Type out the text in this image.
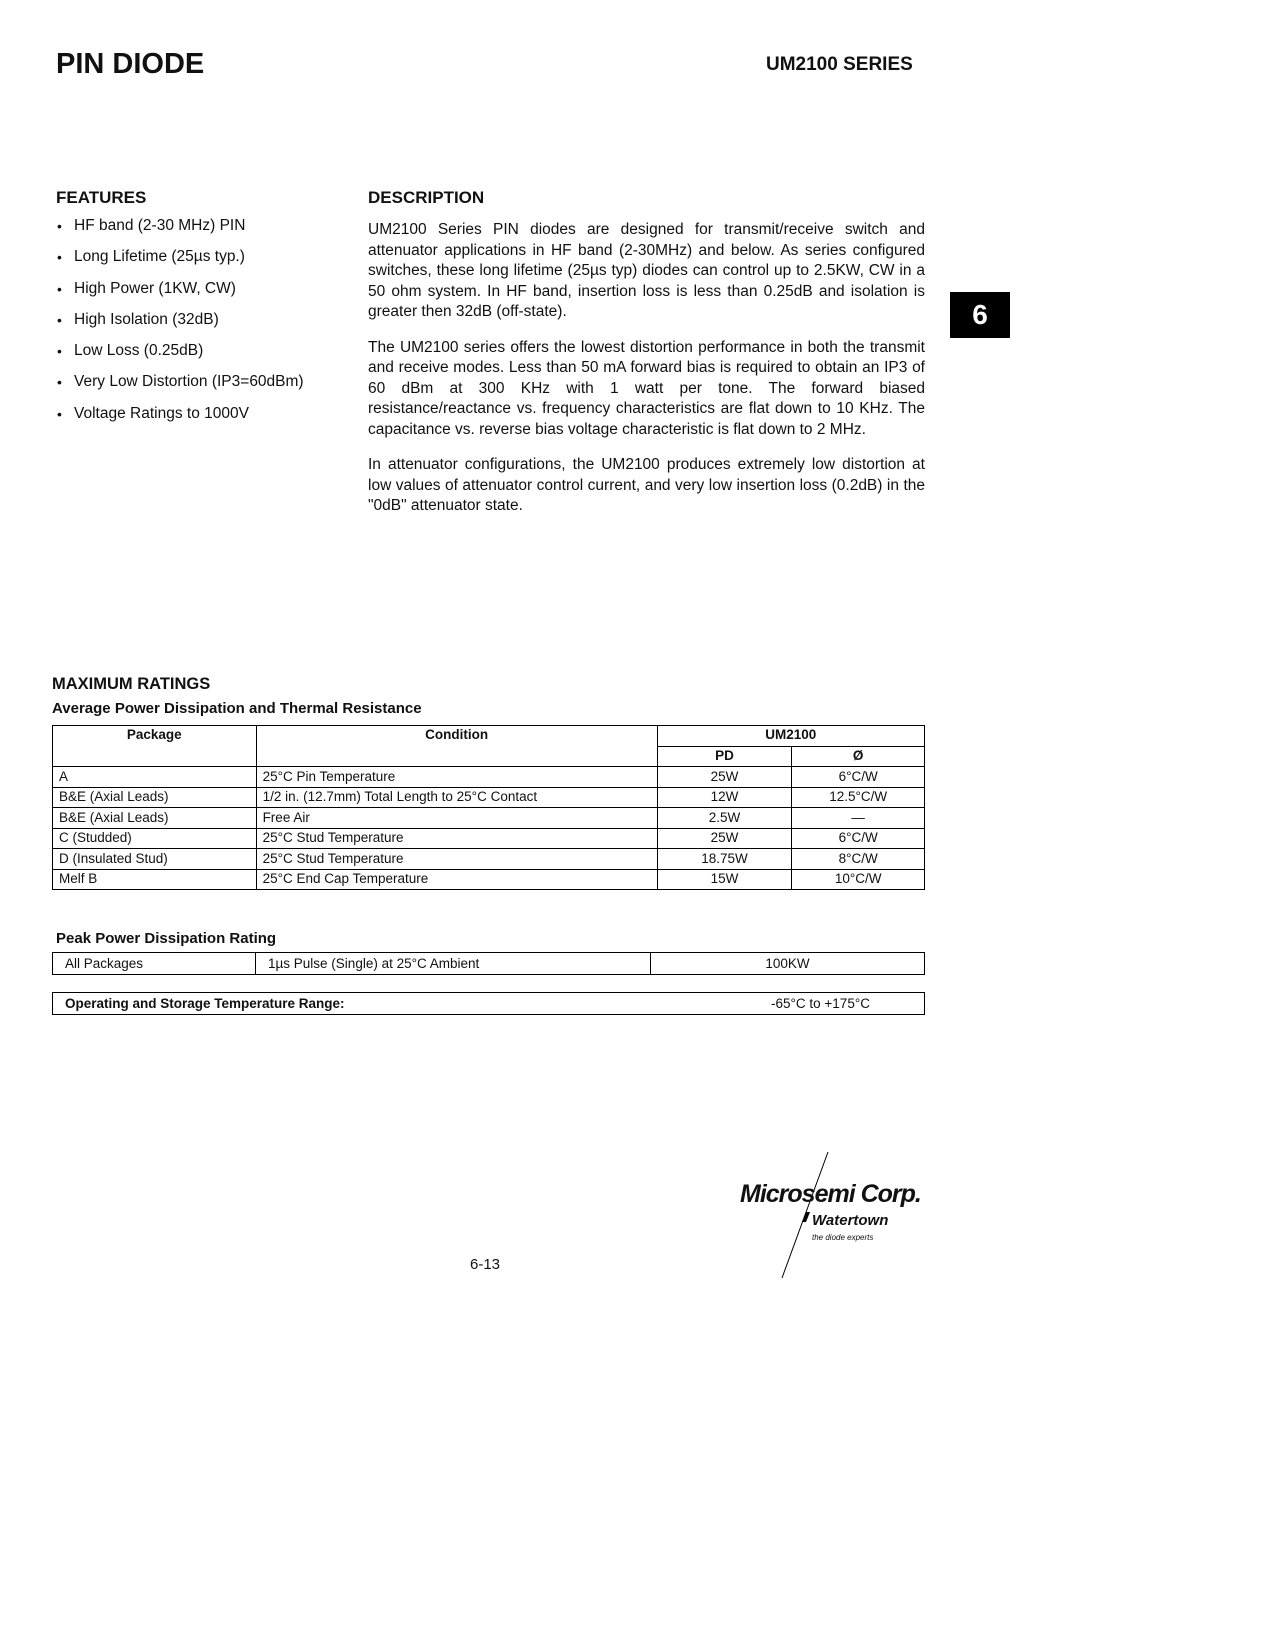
PIN DIODE	UM2100 SERIES
FEATURES
• HF band (2-30 MHz) PIN
• Long Lifetime (25µs typ.)
• High Power (1KW, CW)
• High Isolation (32dB)
• Low Loss (0.25dB)
• Very Low Distortion (IP3=60dBm)
• Voltage Ratings to 1000V
DESCRIPTION

UM2100 Series PIN diodes are designed for transmit/receive switch and attenuator applications in HF band (2-30MHz) and below. As series configured switches, these long lifetime (25µs typ) diodes can control up to 2.5KW, CW in a 50 ohm system. In HF band, insertion loss is less than 0.25dB and isolation is greater then 32dB (off-state).

The UM2100 series offers the lowest distortion performance in both the transmit and receive modes. Less than 50 mA forward bias is required to obtain an IP3 of 60 dBm at 300 KHz with 1 watt per tone. The forward biased resistance/reactance vs. frequency characteristics are flat down to 10 KHz. The capacitance vs. reverse bias voltage characteristic is flat down to 2 MHz.

In attenuator configurations, the UM2100 produces extremely low distortion at low values of attenuator control current, and very low insertion loss (0.2dB) in the "0dB" attenuator state.

6
MAXIMUM RATINGS
Average Power Dissipation and Thermal Resistance
Package	Condition	UM2100	
		PD	Ø
A	25°C Pin Temperature	25W	6°C/W
B&E (Axial Leads)	1/2 in. (12.7mm) Total Length to 25°C Contact	12W	12.5°C/W
B&E (Axial Leads)	Free Air	2.5W	—
C (Studded)	25°C Stud Temperature	25W	6°C/W
D (Insulated Stud)	25°C Stud Temperature	18.75W	8°C/W
Melf B	25°C End Cap Temperature	15W	10°C/W
Peak Power Dissipation Rating
All Packages	1µs Pulse (Single) at 25°C Ambient	100KW
Operating and Storage Temperature Range:	-65°C to +175°C
Microsemi Corp.
Watertown
the diode experts
6-13
